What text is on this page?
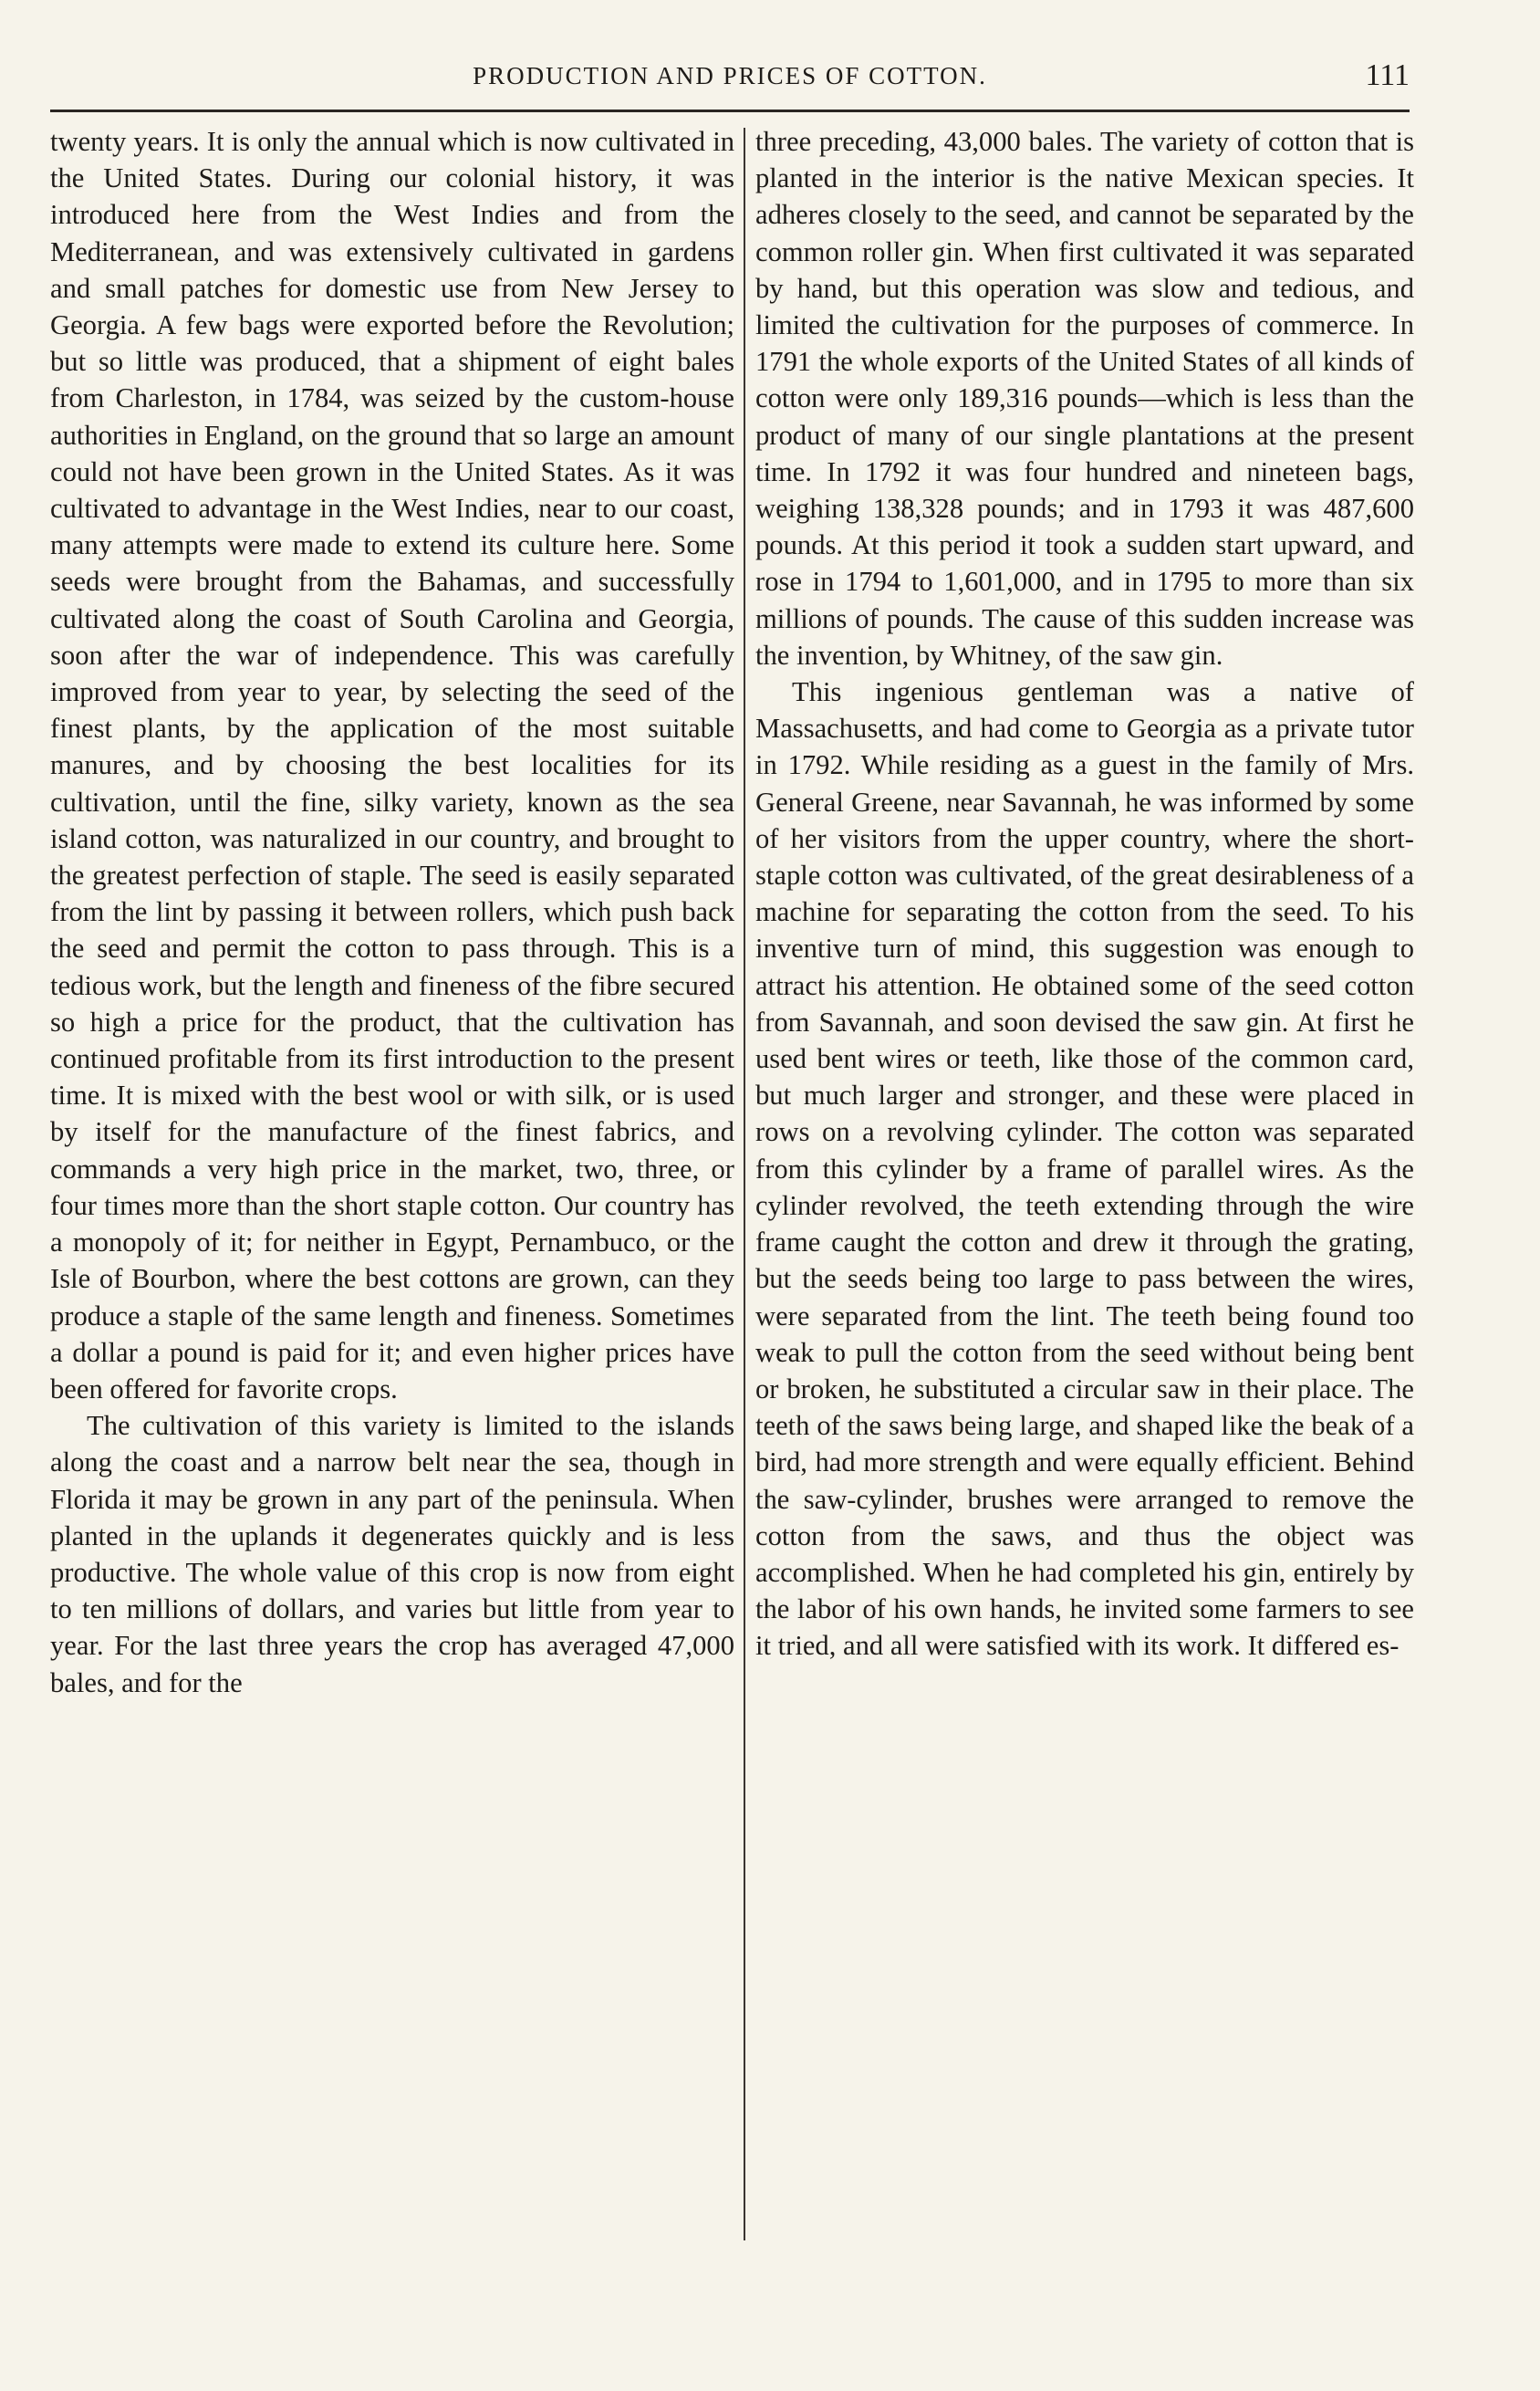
PRODUCTION AND PRICES OF COTTON.	111

twenty years. It is only the annual which is now cultivated in the United States. During our colonial history, it was introduced here from the West Indies and from the Mediterranean, and was extensively cultivated in gardens and small patches for domestic use from New Jersey to Georgia. A few bags were exported before the Revolution; but so little was produced, that a shipment of eight bales from Charleston, in 1784, was seized by the custom-house authorities in England, on the ground that so large an amount could not have been grown in the United States. As it was cultivated to advantage in the West Indies, near to our coast, many attempts were made to extend its culture here. Some seeds were brought from the Bahamas, and successfully cultivated along the coast of South Carolina and Georgia, soon after the war of independence. This was carefully improved from year to year, by selecting the seed of the finest plants, by the application of the most suitable manures, and by choosing the best localities for its cultivation, until the fine, silky variety, known as the sea island cotton, was naturalized in our country, and brought to the greatest perfection of staple. The seed is easily separated from the lint by passing it between rollers, which push back the seed and permit the cotton to pass through. This is a tedious work, but the length and fineness of the fibre secured so high a price for the product, that the cultivation has continued profitable from its first introduction to the present time. It is mixed with the best wool or with silk, or is used by itself for the manufacture of the finest fabrics, and commands a very high price in the market, two, three, or four times more than the short staple cotton. Our country has a monopoly of it; for neither in Egypt, Pernambuco, or the Isle of Bourbon, where the best cottons are grown, can they produce a staple of the same length and fineness. Sometimes a dollar a pound is paid for it; and even higher prices have been offered for favorite crops.

The cultivation of this variety is limited to the islands along the coast and a narrow belt near the sea, though in Florida it may be grown in any part of the peninsula. When planted in the uplands it degenerates quickly and is less productive. The whole value of this crop is now from eight to ten millions of dollars, and varies but little from year to year. For the last three years the crop has averaged 47,000 bales, and for the

three preceding, 43,000 bales. The variety of cotton that is planted in the interior is the native Mexican species. It adheres closely to the seed, and cannot be separated by the common roller gin. When first cultivated it was separated by hand, but this operation was slow and tedious, and limited the cultivation for the purposes of commerce. In 1791 the whole exports of the United States of all kinds of cotton were only 189,316 pounds—which is less than the product of many of our single plantations at the present time. In 1792 it was four hundred and nineteen bags, weighing 138,328 pounds; and in 1793 it was 487,600 pounds. At this period it took a sudden start upward, and rose in 1794 to 1,601,000, and in 1795 to more than six millions of pounds. The cause of this sudden increase was the invention, by Whitney, of the saw gin.

This ingenious gentleman was a native of Massachusetts, and had come to Georgia as a private tutor in 1792. While residing as a guest in the family of Mrs. General Greene, near Savannah, he was informed by some of her visitors from the upper country, where the short-staple cotton was cultivated, of the great desirableness of a machine for separating the cotton from the seed. To his inventive turn of mind, this suggestion was enough to attract his attention. He obtained some of the seed cotton from Savannah, and soon devised the saw gin. At first he used bent wires or teeth, like those of the common card, but much larger and stronger, and these were placed in rows on a revolving cylinder. The cotton was separated from this cylinder by a frame of parallel wires. As the cylinder revolved, the teeth extending through the wire frame caught the cotton and drew it through the grating, but the seeds being too large to pass between the wires, were separated from the lint. The teeth being found too weak to pull the cotton from the seed without being bent or broken, he substituted a circular saw in their place. The teeth of the saws being large, and shaped like the beak of a bird, had more strength and were equally efficient. Behind the saw-cylinder, brushes were arranged to remove the cotton from the saws, and thus the object was accomplished. When he had completed his gin, entirely by the labor of his own hands, he invited some farmers to see it tried, and all were satisfied with its work. It differed es-
